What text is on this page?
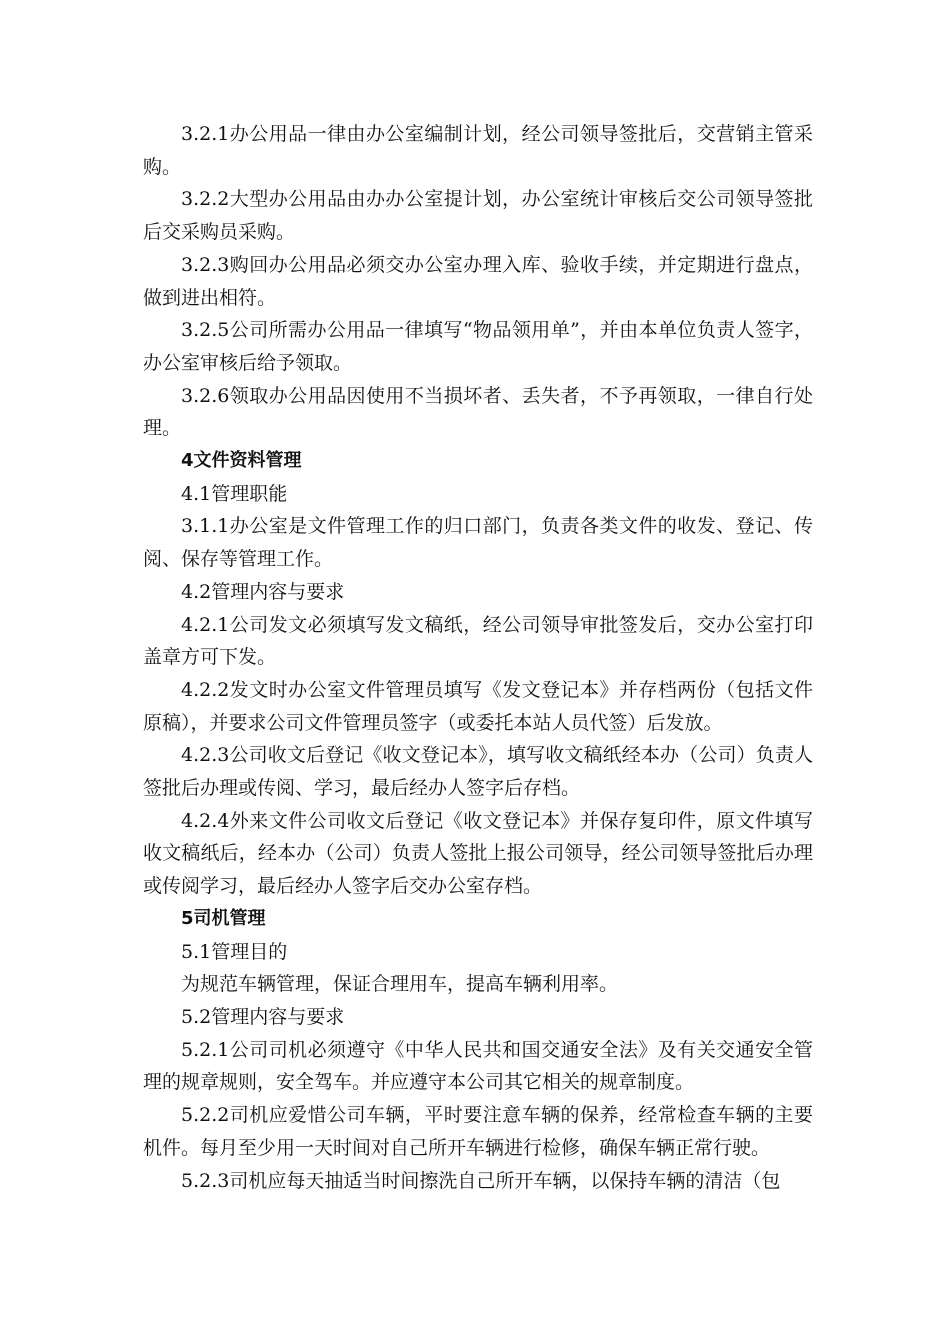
3.2.1办公用品一律由办公室编制计划，经公司领导签批后，交营销主管采购。

3.2.2大型办公用品由办办公室提计划，办公室统计审核后交公司领导签批后交采购员采购。

3.2.3购回办公用品必须交办公室办理入库、验收手续，并定期进行盘点，做到进出相符。

3.2.5公司所需办公用品一律填写“物品领用单”，并由本单位负责人签字，办公室审核后给予领取。

3.2.6领取办公用品因使用不当损坏者、丢失者，不予再领取，一律自行处理。

4文件资料管理

4.1管理职能

3.1.1办公室是文件管理工作的归口部门，负责各类文件的收发、登记、传阅、保存等管理工作。

4.2管理内容与要求

4.2.1公司发文必须填写发文稿纸，经公司领导审批签发后，交办公室打印盖章方可下发。

4.2.2发文时办公室文件管理员填写《发文登记本》并存档两份（包括文件原稿），并要求公司文件管理员签字（或委托本站人员代签）后发放。

4.2.3公司收文后登记《收文登记本》，填写收文稿纸经本办（公司）负责人签批后办理或传阅、学习，最后经办人签字后存档。

4.2.4外来文件公司收文后登记《收文登记本》并保存复印件，原文件填写收文稿纸后，经本办（公司）负责人签批上报公司领导，经公司领导签批后办理或传阅学习，最后经办人签字后交办公室存档。

5司机管理

5.1管理目的

为规范车辆管理，保证合理用车，提高车辆利用率。

5.2管理内容与要求

5.2.1公司司机必须遵守《中华人民共和国交通安全法》及有关交通安全管理的规章规则，安全驾车。并应遵守本公司其它相关的规章制度。

5.2.2司机应爱惜公司车辆，平时要注意车辆的保养，经常检查车辆的主要机件。每月至少用一天时间对自己所开车辆进行检修，确保车辆正常行驶。

5.2.3司机应每天抽适当时间擦洗自己所开车辆，以保持车辆的清洁（包
